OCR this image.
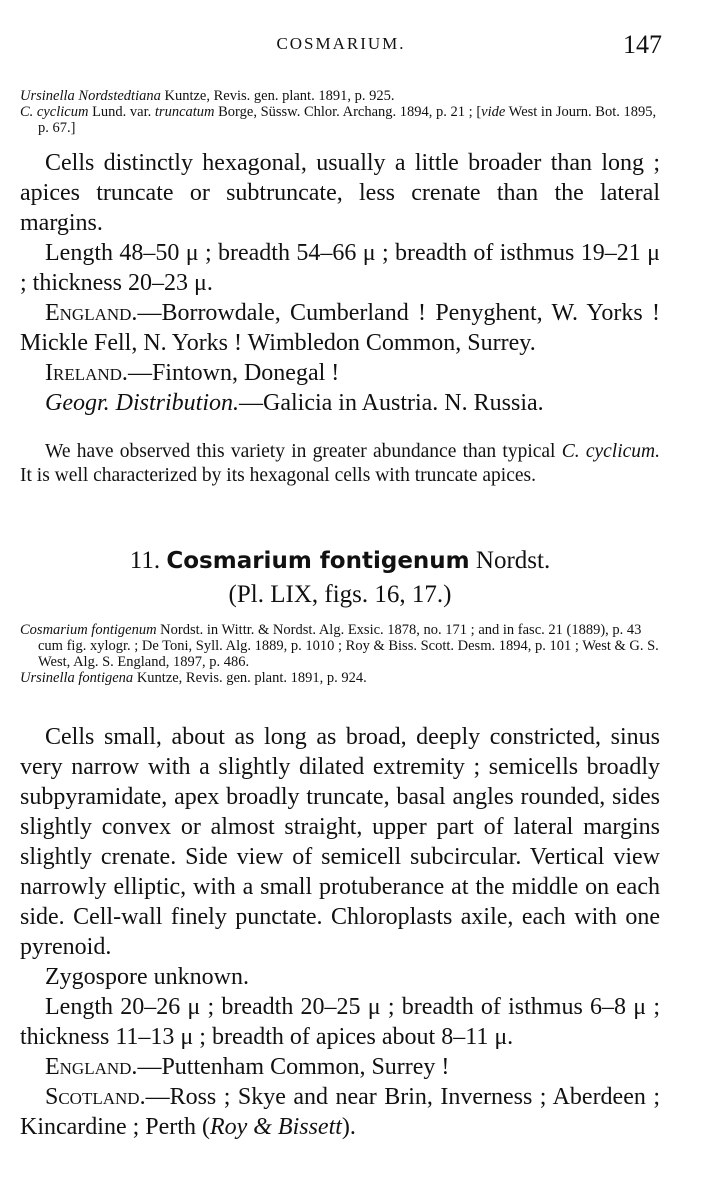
COSMARIUM.	147

Ursinella Nordstedtiana Kuntze, Revis. gen. plant. 1891, p. 925.

C. cyclicum Lund. var. truncatum Borge, Süssw. Chlor. Archang. 1894, p. 21 ; [vide West in Journ. Bot. 1895, p. 67.]

Cells distinctly hexagonal, usually a little broader than long ; apices truncate or subtruncate, less crenate than the lateral margins.

Length 48–50 μ ; breadth 54–66 μ ; breadth of isthmus 19–21 μ ; thickness 20–23 μ.

England.—Borrowdale, Cumberland ! Penyghent, W. Yorks ! Mickle Fell, N. Yorks ! Wimbledon Common, Surrey.

Ireland.—Fintown, Donegal !

Geogr. Distribution.—Galicia in Austria. N. Russia.

We have observed this variety in greater abundance than typical C. cyclicum. It is well characterized by its hexagonal cells with truncate apices.

11. Cosmarium fontigenum Nordst.
(Pl. LIX, figs. 16, 17.)

Cosmarium fontigenum Nordst. in Wittr. & Nordst. Alg. Exsic. 1878, no. 171 ; and in fasc. 21 (1889), p. 43 cum fig. xylogr. ; De Toni, Syll. Alg. 1889, p. 1010 ; Roy & Biss. Scott. Desm. 1894, p. 101 ; West & G. S. West, Alg. S. England, 1897, p. 486.

Ursinella fontigena Kuntze, Revis. gen. plant. 1891, p. 924.

Cells small, about as long as broad, deeply constricted, sinus very narrow with a slightly dilated extremity ; semicells broadly subpyramidate, apex broadly truncate, basal angles rounded, sides slightly convex or almost straight, upper part of lateral margins slightly crenate. Side view of semicell subcircular. Vertical view narrowly elliptic, with a small protuberance at the middle on each side. Cell-wall finely punctate. Chloroplasts axile, each with one pyrenoid.

Zygospore unknown.

Length 20–26 μ ; breadth 20–25 μ ; breadth of isthmus 6–8 μ ; thickness 11–13 μ ; breadth of apices about 8–11 μ.

England.—Puttenham Common, Surrey !

Scotland.—Ross ; Skye and near Brin, Inverness ; Aberdeen ; Kincardine ; Perth (Roy & Bissett).
